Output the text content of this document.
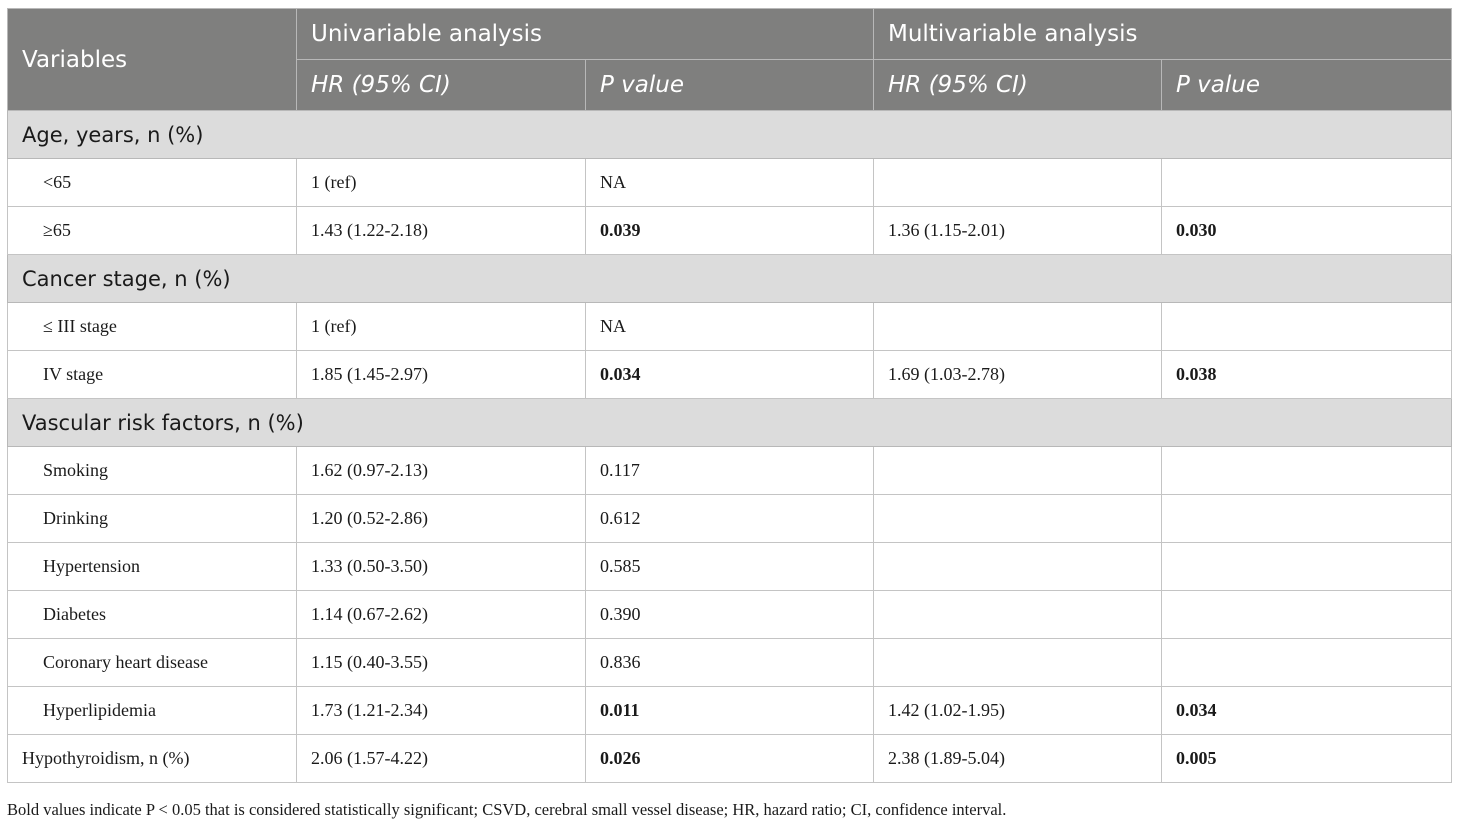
Variables	Univariable analysis		Multivariable analysis	
	HR (95% CI)	P value	HR (95% CI)	P value
Age, years, n (%)				
<65	1 (ref)	NA		
≥65	1.43 (1.22-2.18)	0.039	1.36 (1.15-2.01)	0.030
Cancer stage, n (%)				
≤ III stage	1 (ref)	NA		
IV stage	1.85 (1.45-2.97)	0.034	1.69 (1.03-2.78)	0.038
Vascular risk factors, n (%)				
Smoking	1.62 (0.97-2.13)	0.117		
Drinking	1.20 (0.52-2.86)	0.612		
Hypertension	1.33 (0.50-3.50)	0.585		
Diabetes	1.14 (0.67-2.62)	0.390		
Coronary heart disease	1.15 (0.40-3.55)	0.836		
Hyperlipidemia	1.73 (1.21-2.34)	0.011	1.42 (1.02-1.95)	0.034
Hypothyroidism, n (%)	2.06 (1.57-4.22)	0.026	2.38 (1.89-5.04)	0.005
Bold values indicate P < 0.05 that is considered statistically significant; CSVD, cerebral small vessel disease; HR, hazard ratio; CI, confidence interval.
